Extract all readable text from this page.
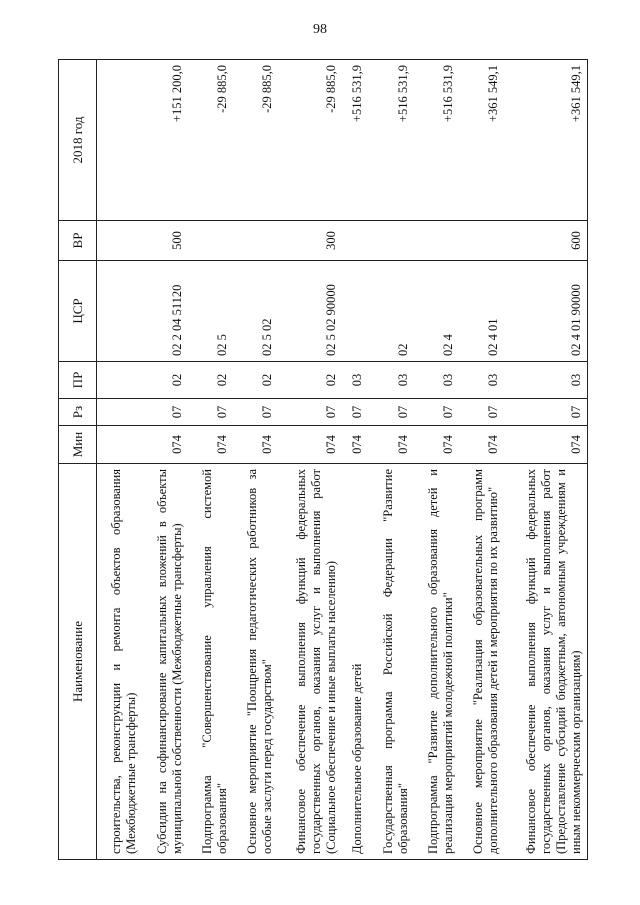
98
Наименование	Мин	Рз	ПР	ЦСР	ВР	2018 год
строительства, реконструкции и ремонта объектов образования (Межбюджетные трансферты)						
Субсидии на софинансирование капитальных вложений в объекты муниципальной собственности (Межбюджетные трансферты)	074	07	02	02 2 04 51120	500	+151 200,0
Подпрограмма "Совершенствование управления системой образования"	074	07	02	02 5		-29 885,0
Основное мероприятие "Поощрения педагогических работников за особые заслуги перед государством"	074	07	02	02 5 02		-29 885,0
Финансовое обеспечение выполнения функций федеральных государственных органов, оказания услуг и выполнения работ (Социальное обеспечение и иные выплаты населению)	074	07	02	02 5 02 90000	300	-29 885,0
Дополнительное образование детей	074	07	03			+516 531,9
Государственная программа Российской Федерации "Развитие образования"	074	07	03	02		+516 531,9
Подпрограмма "Развитие дополнительного образования детей и реализация мероприятий молодежной политики"	074	07	03	02 4		+516 531,9
Основное мероприятие "Реализация образовательных программ дополнительного образования детей и мероприятия по их развитию"	074	07	03	02 4 01		+361 549,1
Финансовое обеспечение выполнения функций федеральных государственных органов, оказания услуг и выполнения работ (Предоставление субсидий бюджетным, автономным учреждениям и иным некоммерческим организациям)	074	07	03	02 4 01 90000	600	+361 549,1
